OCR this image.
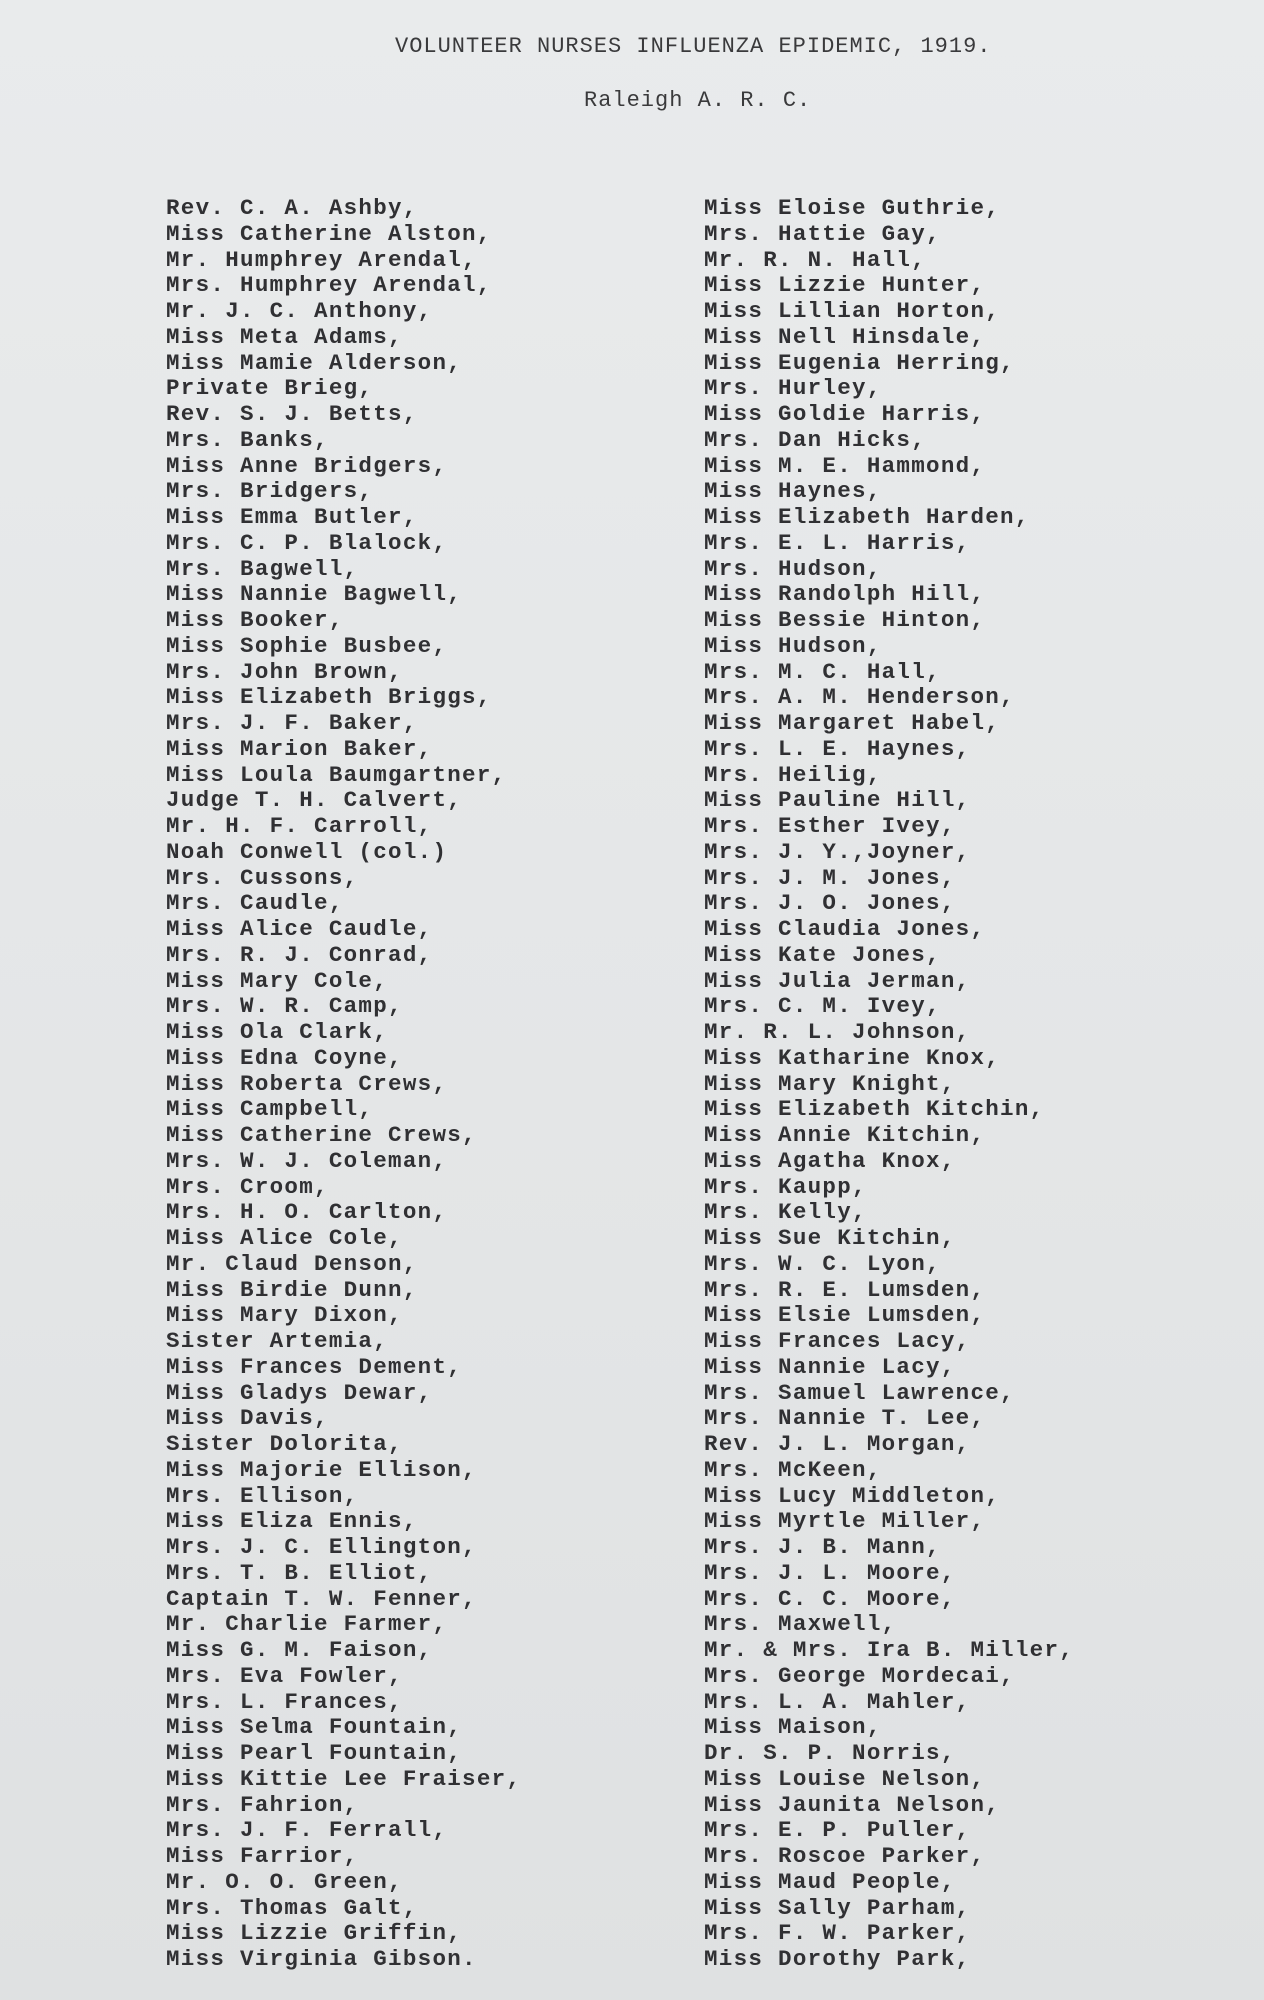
VOLUNTEER NURSES INFLUENZA EPIDEMIC, 1919.
Raleigh A. R. C.
Rev. C. A. Ashby,
Miss Catherine Alston,
Mr. Humphrey Arendal,
Mrs. Humphrey Arendal,
Mr. J. C. Anthony,
Miss Meta Adams,
Miss Mamie Alderson,
Private Brieg,
Rev. S. J. Betts,
Mrs. Banks,
Miss Anne Bridgers,
Mrs. Bridgers,
Miss Emma Butler,
Mrs. C. P. Blalock,
Mrs. Bagwell,
Miss Nannie Bagwell,
Miss Booker,
Miss Sophie Busbee,
Mrs. John Brown,
Miss Elizabeth Briggs,
Mrs. J. F. Baker,
Miss Marion Baker,
Miss Loula Baumgartner,
Judge T. H. Calvert,
Mr. H. F. Carroll,
Noah Conwell (col.)
Mrs. Cussons,
Mrs. Caudle,
Miss Alice Caudle,
Mrs. R. J. Conrad,
Miss Mary Cole,
Mrs. W. R. Camp,
Miss Ola Clark,
Miss Edna Coyne,
Miss Roberta Crews,
Miss Campbell,
Miss Catherine Crews,
Mrs. W. J. Coleman,
Mrs. Croom,
Mrs. H. O. Carlton,
Miss Alice Cole,
Mr. Claud Denson,
Miss Birdie Dunn,
Miss Mary Dixon,
Sister Artemia,
Miss Frances Dement,
Miss Gladys Dewar,
Miss Davis,
Sister Dolorita,
Miss Majorie Ellison,
Mrs. Ellison,
Miss Eliza Ennis,
Mrs. J. C. Ellington,
Mrs. T. B. Elliot,
Captain T. W. Fenner,
Mr. Charlie Farmer,
Miss G. M. Faison,
Mrs. Eva Fowler,
Mrs. L. Frances,
Miss Selma Fountain,
Miss Pearl Fountain,
Miss Kittie Lee Fraiser,
Mrs. Fahrion,
Mrs. J. F. Ferrall,
Miss Farrior,
Mr. O. O. Green,
Mrs. Thomas Galt,
Miss Lizzie Griffin,
Miss Virginia Gibson.
Miss Eloise Guthrie,
Mrs. Hattie Gay,
Mr. R. N. Hall,
Miss Lizzie Hunter,
Miss Lillian Horton,
Miss Nell Hinsdale,
Miss Eugenia Herring,
Mrs. Hurley,
Miss Goldie Harris,
Mrs. Dan Hicks,
Miss M. E. Hammond,
Miss Haynes,
Miss Elizabeth Harden,
Mrs. E. L. Harris,
Mrs. Hudson,
Miss Randolph Hill,
Miss Bessie Hinton,
Miss Hudson,
Mrs. M. C. Hall,
Mrs. A. M. Henderson,
Miss Margaret Habel,
Mrs. L. E. Haynes,
Mrs. Heilig,
Miss Pauline Hill,
Mrs. Esther Ivey,
Mrs. J. Y.,Joyner,
Mrs. J. M. Jones,
Mrs. J. O. Jones,
Miss Claudia Jones,
Miss Kate Jones,
Miss Julia Jerman,
Mrs. C. M. Ivey,
Mr. R. L. Johnson,
Miss Katharine Knox,
Miss Mary Knight,
Miss Elizabeth Kitchin,
Miss Annie Kitchin,
Miss Agatha Knox,
Mrs. Kaupp,
Mrs. Kelly,
Miss Sue Kitchin,
Mrs. W. C. Lyon,
Mrs. R. E. Lumsden,
Miss Elsie Lumsden,
Miss Frances Lacy,
Miss Nannie Lacy,
Mrs. Samuel Lawrence,
Mrs. Nannie T. Lee,
Rev. J. L. Morgan,
Mrs. McKeen,
Miss Lucy Middleton,
Miss Myrtle Miller,
Mrs. J. B. Mann,
Mrs. J. L. Moore,
Mrs. C. C. Moore,
Mrs. Maxwell,
Mr. & Mrs. Ira B. Miller,
Mrs. George Mordecai,
Mrs. L. A. Mahler,
Miss Maison,
Dr. S. P. Norris,
Miss Louise Nelson,
Miss Jaunita Nelson,
Mrs. E. P. Puller,
Mrs. Roscoe Parker,
Miss Maud People,
Miss Sally Parham,
Mrs. F. W. Parker,
Miss Dorothy Park,
